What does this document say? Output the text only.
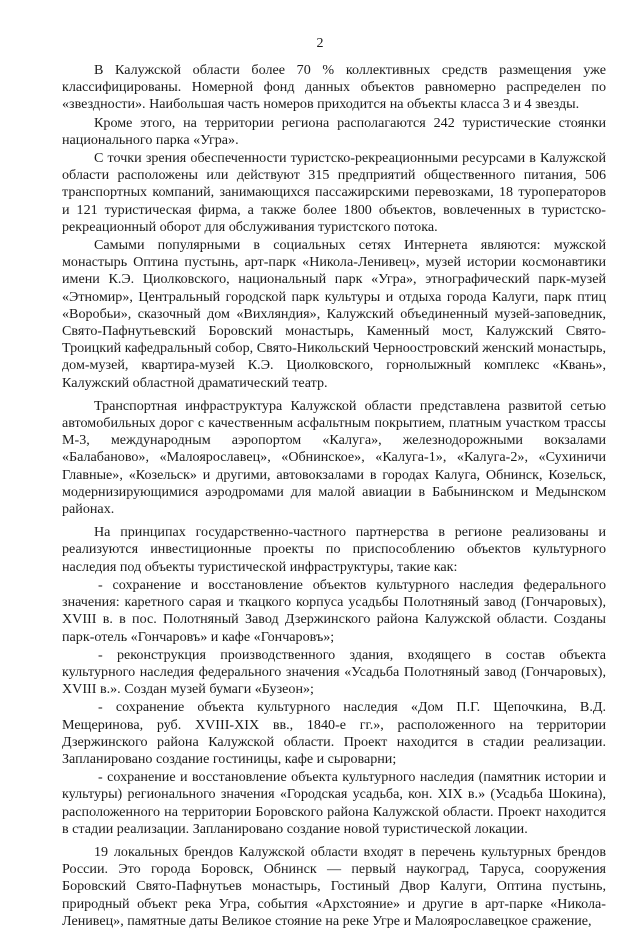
2

В Калужской области более 70 % коллективных средств размещения уже классифицированы. Номерной фонд данных объектов равномерно распределен по «звездности». Наибольшая часть номеров приходится на объекты класса 3 и 4 звезды.

Кроме этого, на территории региона располагаются 242 туристические стоянки национального парка «Угра».

С точки зрения обеспеченности туристско-рекреационными ресурсами в Калужской области расположены или действуют 315 предприятий общественного питания, 506 транспортных компаний, занимающихся пассажирскими перевозками, 18 туроператоров и 121 туристическая фирма, а также более 1800 объектов, вовлеченных в туристско-рекреационный оборот для обслуживания туристского потока.

Самыми популярными в социальных сетях Интернета являются: мужской монастырь Оптина пустынь, арт-парк «Никола-Ленивец», музей истории космонавтики имени К.Э. Циолковского, национальный парк «Угра», этнографический парк-музей «Этномир», Центральный городской парк культуры и отдыха города Калуги, парк птиц «Воробьи», сказочный дом «Вихляндия», Калужский объединенный музей-заповедник, Свято-Пафнутьевский Боровский монастырь, Каменный мост, Калужский Свято-Троицкий кафедральный собор, Свято-Никольский Черноостровский женский монастырь, дом-музей, квартира-музей К.Э. Циолковского, горнолыжный комплекс «Квань», Калужский областной драматический театр.

Транспортная инфраструктура Калужской области представлена развитой сетью автомобильных дорог с качественным асфальтным покрытием, платным участком трассы М-3, международным аэропортом «Калуга», железнодорожными вокзалами «Балабаново», «Малоярославец», «Обнинское», «Калуга-1», «Калуга-2», «Сухиничи Главные», «Козельск» и другими, автовокзалами в городах Калуга, Обнинск, Козельск, модернизирующимися аэродромами для малой авиации в Бабынинском и Медынском районах.

На принципах государственно-частного партнерства в регионе реализованы и реализуются инвестиционные проекты по приспособлению объектов культурного наследия под объекты туристической инфраструктуры, такие как:

- сохранение и восстановление объектов культурного наследия федерального значения: каретного сарая и ткацкого корпуса усадьбы Полотняный завод (Гончаровых), XVIII в. в пос. Полотняный Завод Дзержинского района Калужской области. Созданы парк-отель «Гончаровъ» и кафе «Гончаровъ»;

- реконструкция производственного здания, входящего в состав объекта культурного наследия федерального значения «Усадьба Полотняный завод (Гончаровых), XVIII в.». Создан музей бумаги «Бузеон»;

- сохранение объекта культурного наследия «Дом П.Г. Щепочкина, В.Д. Мещеринова, руб. XVIII-XIX вв., 1840-е гг.», расположенного на территории Дзержинского района Калужской области. Проект находится в стадии реализации. Запланировано создание гостиницы, кафе и сыроварни;

- сохранение и восстановление объекта культурного наследия (памятник истории и культуры) регионального значения «Городская усадьба, кон. XIX в.» (Усадьба Шокина), расположенного на территории Боровского района Калужской области. Проект находится в стадии реализации. Запланировано создание новой туристической локации.

19 локальных брендов Калужской области входят в перечень культурных брендов России. Это города Боровск, Обнинск — первый наукоград, Таруса, сооружения Боровский Свято-Пафнутьев монастырь, Гостиный Двор Калуги, Оптина пустынь, природный объект река Угра, события «Архстояние» и другие в арт-парке «Никола-Ленивец», памятные даты Великое стояние на реке Угре и Малоярославецкое сражение,
